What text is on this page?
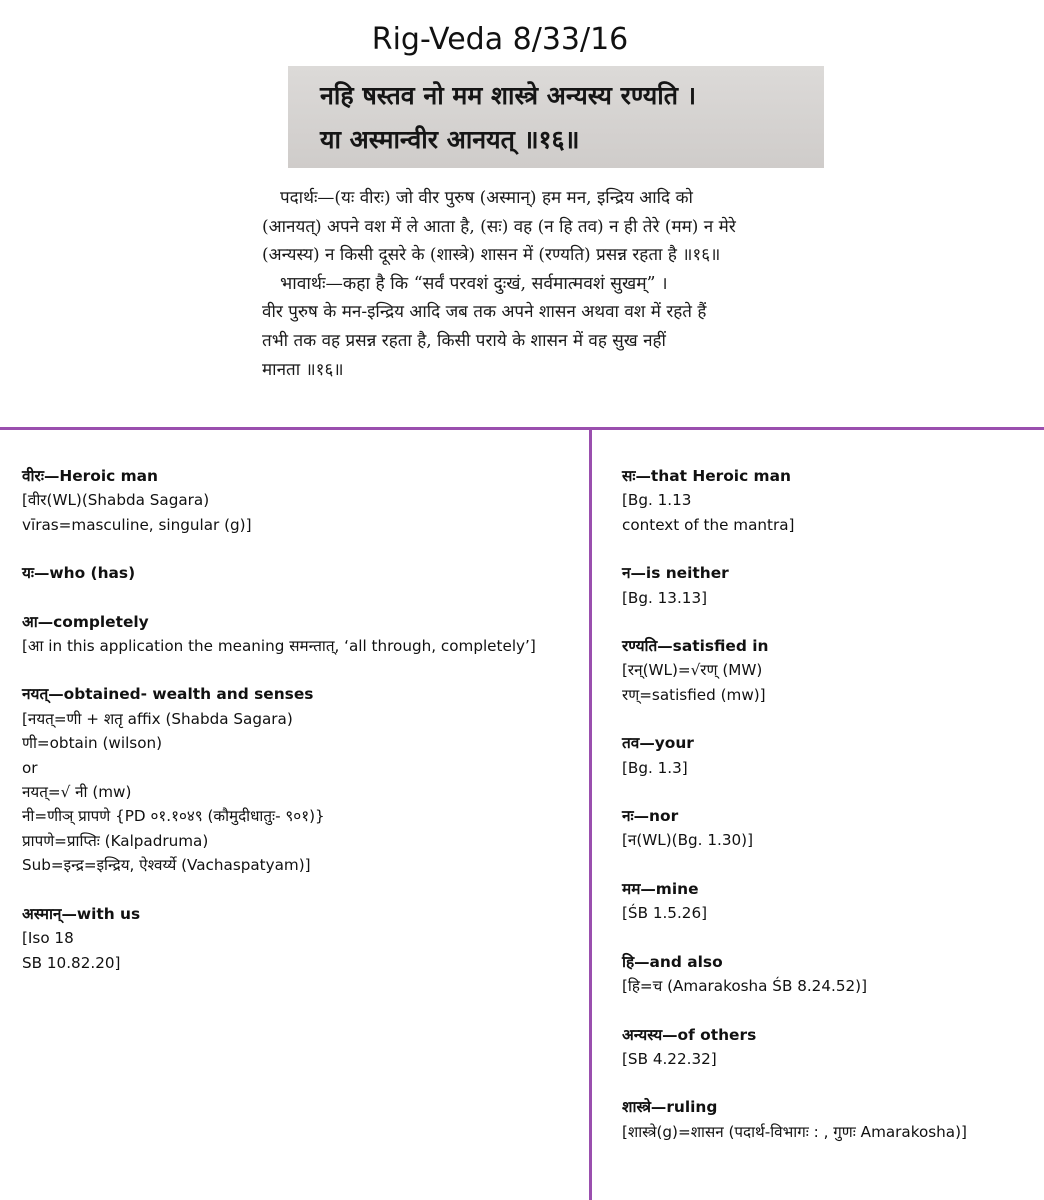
Rig-Veda 8/33/16
नहि षस्तव नो मम शास्त्रे अन्यस्य रण्यति ।
या अस्मान्वीर आनयत् ॥१६॥

पदार्थः—(यः वीरः) जो वीर पुरुष (अस्मान्) हम मन, इन्द्रिय आदि को

(आनयत्) अपने वश में ले आता है, (सः) वह (न हि तव) न ही तेरे (मम) न मेरे

(अन्यस्य) न किसी दूसरे के (शास्त्रे) शासन में (रण्यति) प्रसन्न रहता है ॥१६॥

भावार्थः—कहा है कि “सर्वं परवशं दुःखं, सर्वमात्मवशं सुखम्” ।

वीर पुरुष के मन-इन्द्रिय आदि जब तक अपने शासन अथवा वश में रहते हैं

तभी तक वह प्रसन्न रहता है, किसी पराये के शासन में वह सुख नहीं

मानता ॥१६॥

वीरः—Heroic man
[वीर(WL)(Shabda Sagara)
vīras=masculine, singular (g)]
यः—who (has)
आ—completely
[आ in this application the meaning समन्तात्, ‘all through, completely’]
नयत्—obtained- wealth and senses
[नयत्=णी + शतृ affix (Shabda Sagara)
णी=obtain (wilson)
or
नयत्=√ नी (mw)
नी=णीञ् प्रापणे {PD ०१.१०४९ (कौमुदीधातुः- ९०१)}
प्रापणे=प्राप्तिः (Kalpadruma)
Sub=इन्द्र=इन्द्रिय, ऐश्वर्य्ये (Vachaspatyam)]
अस्मान्—with us
[Iso 18
SB 10.82.20]
सः—that Heroic man
[Bg. 1.13
context of the mantra]
न—is neither
[Bg. 13.13]
रण्यति—satisfied in
[रन्(WL)=√रण् (MW)
रण्=satisfied (mw)]
तव—your
[Bg. 1.3]
नः—nor
[न(WL)(Bg. 1.30)]
मम—mine
[ŚB 1.5.26]
हि—and also
[हि=च (Amarakosha ŚB 8.24.52)]
अन्यस्य—of others
[SB 4.22.32]
शास्त्रे—ruling
[शास्त्रे(g)=शासन (पदार्थ-विभागः : , गुणः Amarakosha)]
